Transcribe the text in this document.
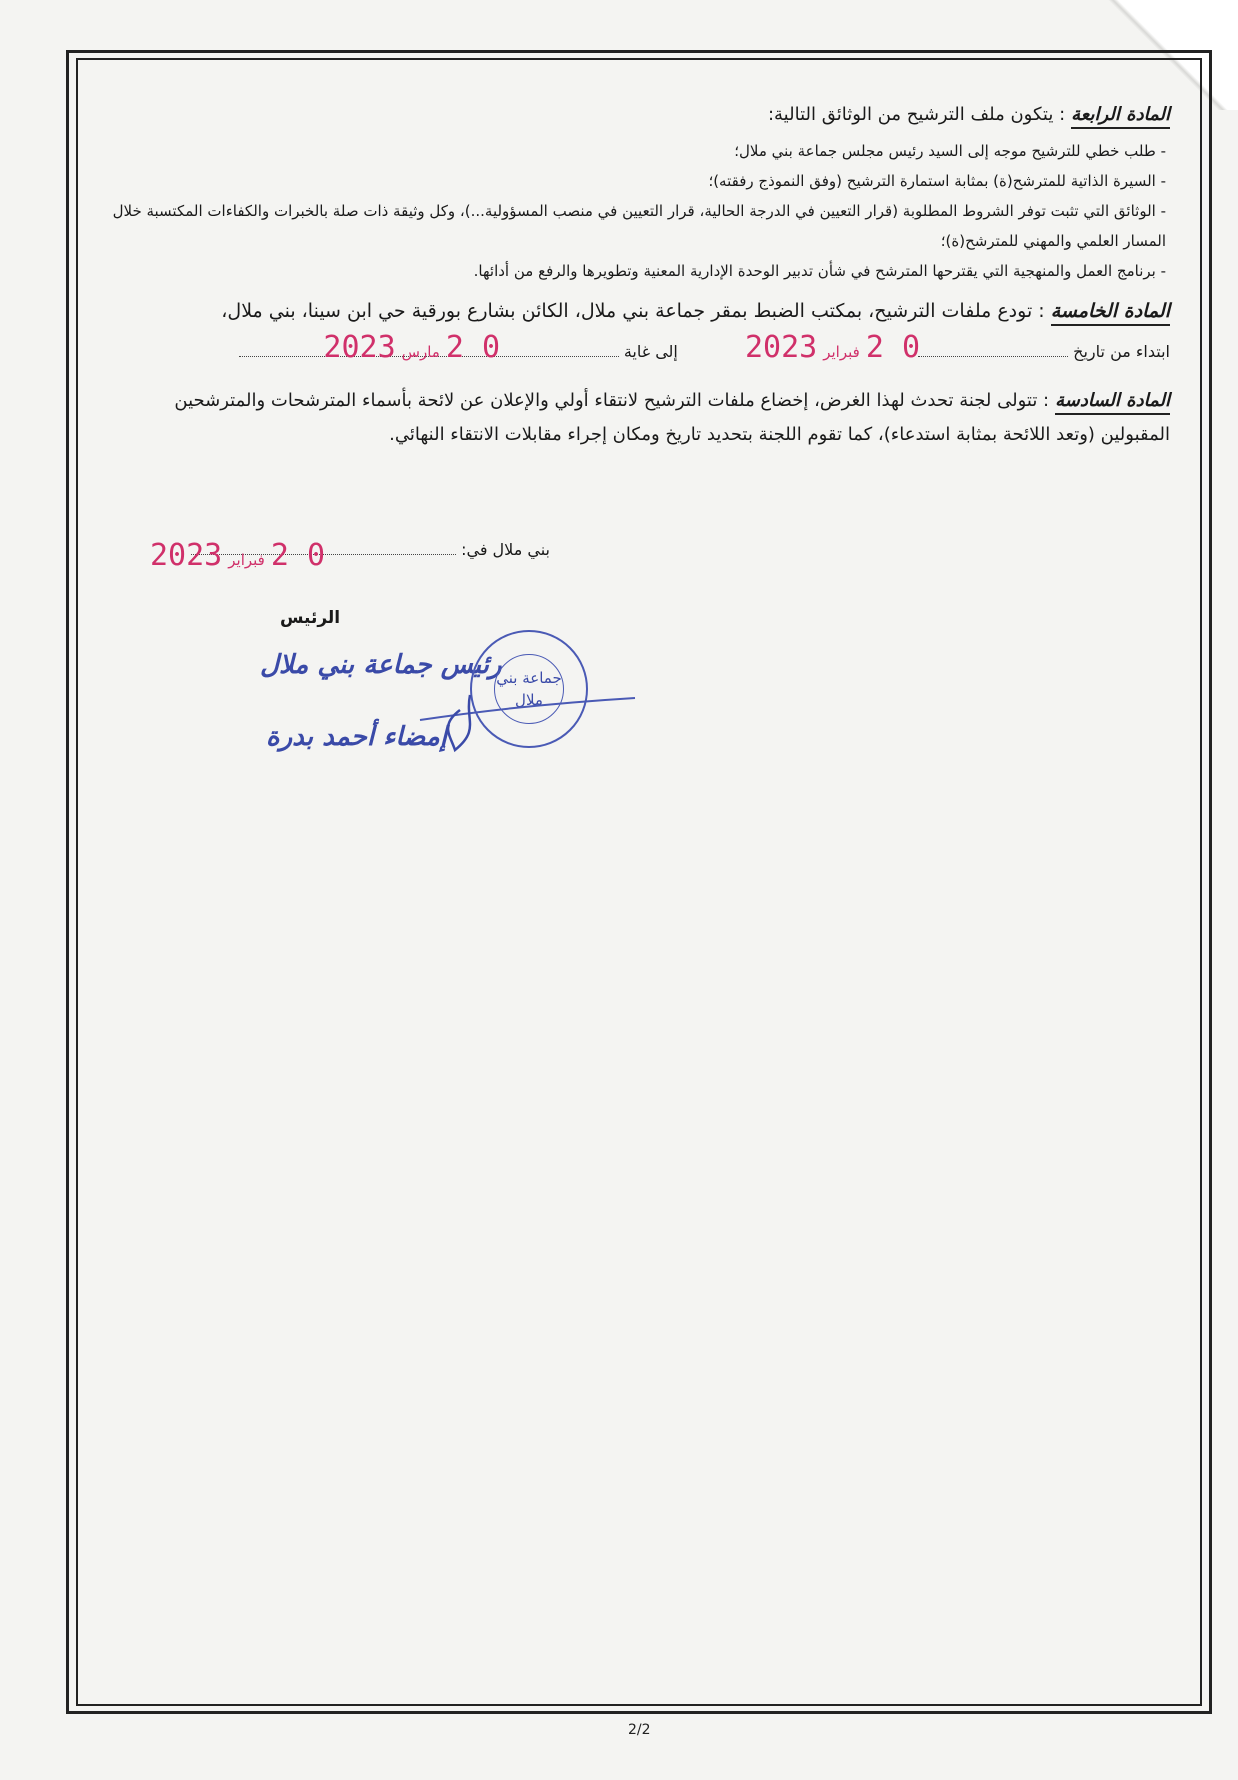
المادة الرابعة: يتكون ملف الترشيح من الوثائق التالية:

- طلب خطي للترشيح موجه إلى السيد رئيس مجلس جماعة بني ملال؛

- السيرة الذاتية للمترشح(ة) بمثابة استمارة الترشيح (وفق النموذج رفقته)؛

- الوثائق التي تثبت توفر الشروط المطلوبة (قرار التعيين في الدرجة الحالية، قرار التعيين في منصب المسؤولية...)، وكل وثيقة ذات صلة بالخبرات والكفاءات المكتسبة خلال المسار العلمي والمهني للمترشح(ة)؛

- برنامج العمل والمنهجية التي يقترحها المترشح في شأن تدبير الوحدة الإدارية المعنية وتطويرها والرفع من أدائها.

المادة الخامسة: تودع ملفات الترشيح، بمكتب الضبط بمقر جماعة بني ملال، الكائن بشارع بورقية حي ابن سينا، بني ملال،

ابتداء من تاريخ
0 2فبراير2023
إلى غاية
0 2مارس2023

المادة السادسة: تتولى لجنة تحدث لهذا الغرض، إخضاع ملفات الترشيح لانتقاء أولي والإعلان عن لائحة بأسماء المترشحات والمترشحين المقبولين (وتعد اللائحة بمثابة استدعاء)، كما تقوم اللجنة بتحديد تاريخ ومكان إجراء مقابلات الانتقاء النهائي.

بني ملال في:
0 2فبراير2023
الرئيس
رئيس جماعة بني ملال
جماعة بني ملال
إمضاء أحمد بدرة
2/2
